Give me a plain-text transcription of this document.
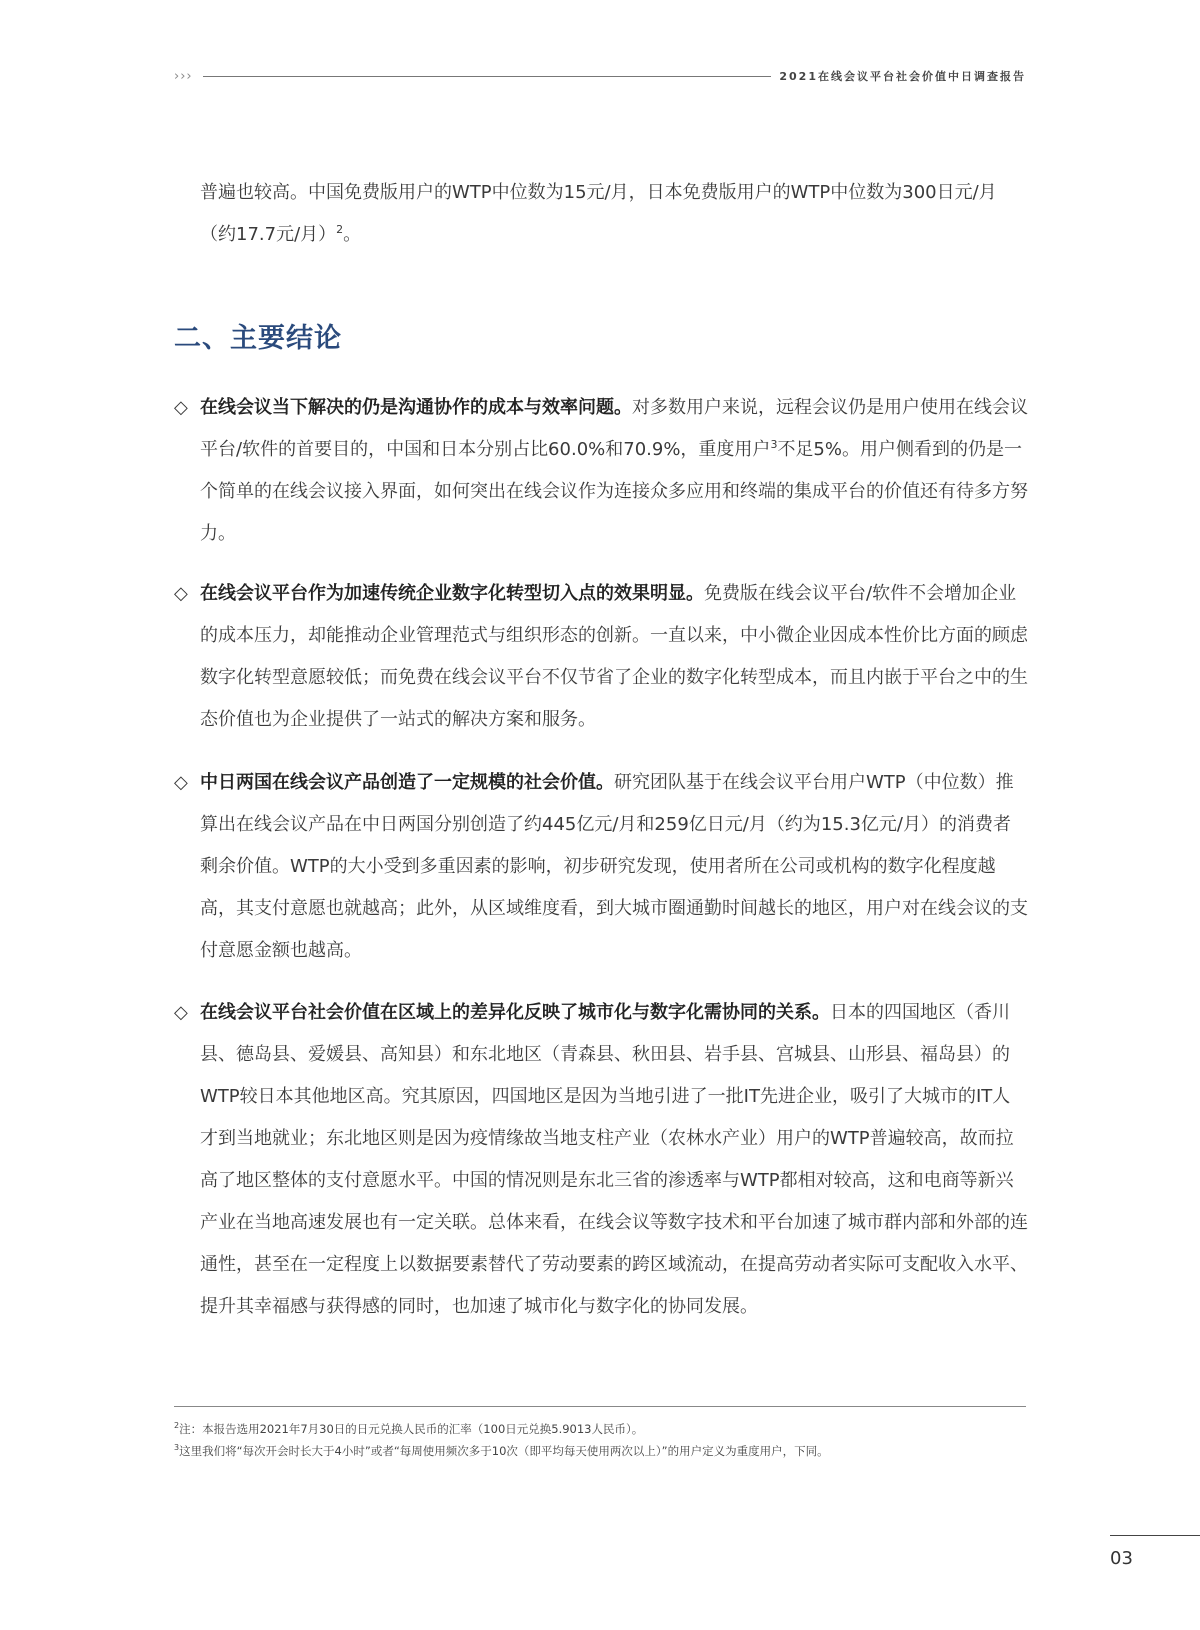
›››	2021在线会议平台社会价值中日调查报告
普遍也较高。中国免费版用户的WTP中位数为15元/月，日本免费版用户的WTP中位数为300日元/月（约17.7元/月）$^2$。
二、主要结论
◇ 在线会议当下解决的仍是沟通协作的成本与效率问题。对多数用户来说，远程会议仍是用户使用在线会议平台/软件的首要目的，中国和日本分别占比60.0%和70.9%，重度用户$^3$不足5%。用户侧看到的仍是一个简单的在线会议接入界面，如何突出在线会议作为连接众多应用和终端的集成平台的价值还有待多方努力。
◇ 在线会议平台作为加速传统企业数字化转型切入点的效果明显。免费版在线会议平台/软件不会增加企业的成本压力，却能推动企业管理范式与组织形态的创新。一直以来，中小微企业因成本性价比方面的顾虑数字化转型意愿较低；而免费在线会议平台不仅节省了企业的数字化转型成本，而且内嵌于平台之中的生态价值也为企业提供了一站式的解决方案和服务。
◇ 中日两国在线会议产品创造了一定规模的社会价值。研究团队基于在线会议平台用户WTP（中位数）推算出在线会议产品在中日两国分别创造了约445亿元/月和259亿日元/月（约为15.3亿元/月）的消费者剩余价值。WTP的大小受到多重因素的影响，初步研究发现，使用者所在公司或机构的数字化程度越高，其支付意愿也就越高；此外，从区域维度看，到大城市圈通勤时间越长的地区，用户对在线会议的支付意愿金额也越高。
◇ 在线会议平台社会价值在区域上的差异化反映了城市化与数字化需协同的关系。日本的四国地区（香川县、德岛县、爱媛县、高知县）和东北地区（青森县、秋田县、岩手县、宫城县、山形县、福岛县）的WTP较日本其他地区高。究其原因，四国地区是因为当地引进了一批IT先进企业，吸引了大城市的IT人才到当地就业；东北地区则是因为疫情缘故当地支柱产业（农林水产业）用户的WTP普遍较高，故而拉高了地区整体的支付意愿水平。中国的情况则是东北三省的渗透率与WTP都相对较高，这和电商等新兴产业在当地高速发展也有一定关联。总体来看，在线会议等数字技术和平台加速了城市群内部和外部的连通性，甚至在一定程度上以数据要素替代了劳动要素的跨区域流动，在提高劳动者实际可支配收入水平、提升其幸福感与获得感的同时，也加速了城市化与数字化的协同发展。
$^2$注：本报告选用2021年7月30日的日元兑换人民币的汇率（100日元兑换5.9013人民币）。
$^3$这里我们将“每次开会时长大于4小时”或者“每周使用频次多于10次（即平均每天使用两次以上）”的用户定义为重度用户，下同。
03
